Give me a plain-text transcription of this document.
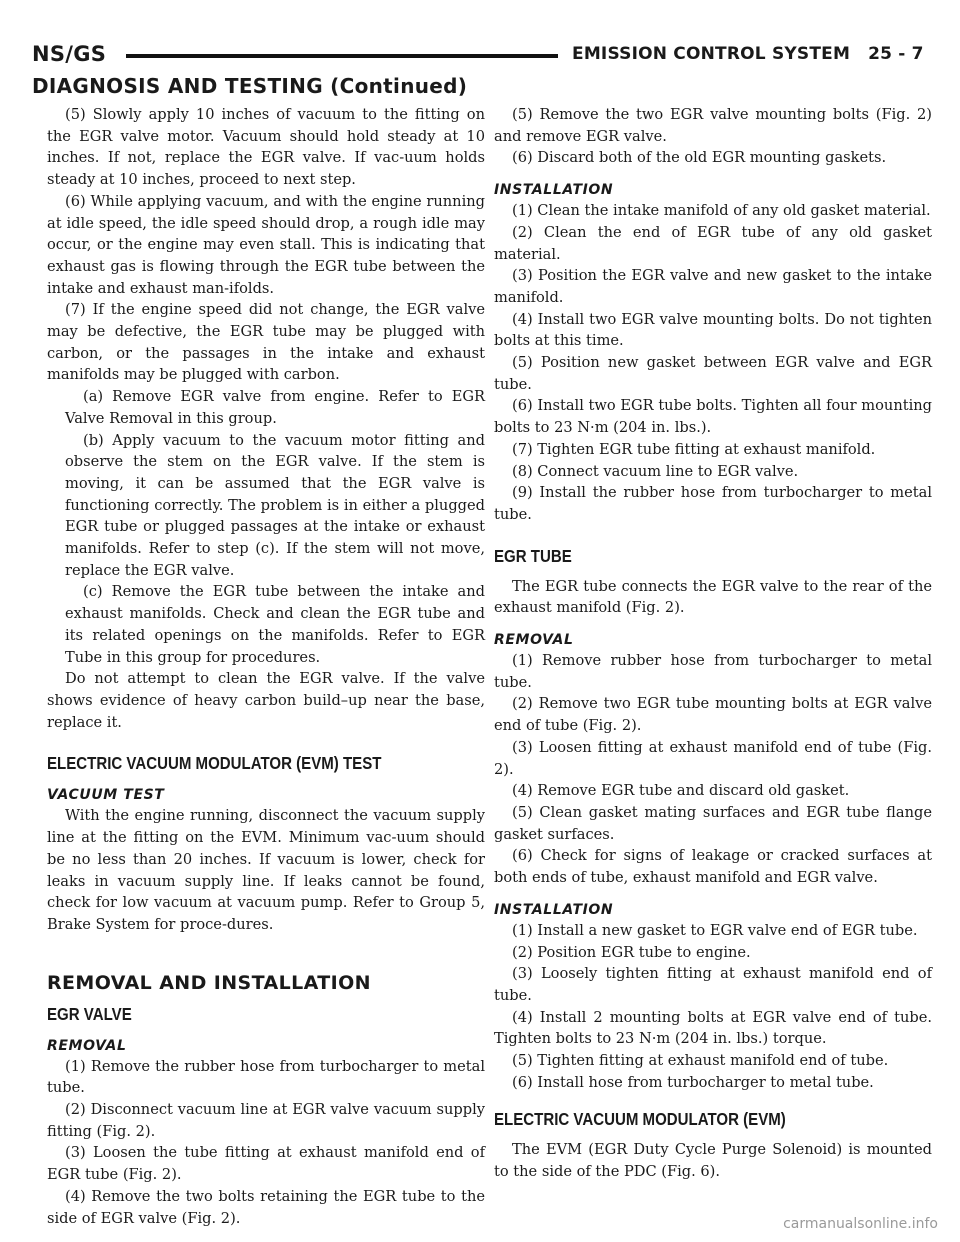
NS/GS	EMISSION CONTROL SYSTEM 25 - 7
DIAGNOSIS AND TESTING (Continued)

(5) Slowly apply 10 inches of vacuum to the fitting on the EGR valve motor. Vacuum should hold steady at 10 inches. If not, replace the EGR valve. If vac-uum holds steady at 10 inches, proceed to next step.

(6) While applying vacuum, and with the engine running at idle speed, the idle speed should drop, a rough idle may occur, or the engine may even stall. This is indicating that exhaust gas is flowing through the EGR tube between the intake and exhaust man-ifolds.

(7) If the engine speed did not change, the EGR valve may be defective, the EGR tube may be plugged with carbon, or the passages in the intake and exhaust manifolds may be plugged with carbon.

(a) Remove EGR valve from engine. Refer to EGR Valve Removal in this group.

(b) Apply vacuum to the vacuum motor fitting and observe the stem on the EGR valve. If the stem is moving, it can be assumed that the EGR valve is functioning correctly. The problem is in either a plugged EGR tube or plugged passages at the intake or exhaust manifolds. Refer to step (c). If the stem will not move, replace the EGR valve.

(c) Remove the EGR tube between the intake and exhaust manifolds. Check and clean the EGR tube and its related openings on the manifolds. Refer to EGR Tube in this group for procedures.

Do not attempt to clean the EGR valve. If the valve shows evidence of heavy carbon build–up near the base, replace it.

ELECTRIC VACUUM MODULATOR (EVM) TEST
VACUUM TEST

With the engine running, disconnect the vacuum supply line at the fitting on the EVM. Minimum vac-uum should be no less than 20 inches. If vacuum is lower, check for leaks in vacuum supply line. If leaks cannot be found, check for low vacuum at vacuum pump. Refer to Group 5, Brake System for proce-dures.

REMOVAL AND INSTALLATION
EGR VALVE
REMOVAL

(1) Remove the rubber hose from turbocharger to metal tube.

(2) Disconnect vacuum line at EGR valve vacuum supply fitting (Fig. 2).

(3) Loosen the tube fitting at exhaust manifold end of EGR tube (Fig. 2).

(4) Remove the two bolts retaining the EGR tube to the side of EGR valve (Fig. 2).

(5) Remove the two EGR valve mounting bolts (Fig. 2) and remove EGR valve.

(6) Discard both of the old EGR mounting gaskets.

INSTALLATION

(1) Clean the intake manifold of any old gasket material.

(2) Clean the end of EGR tube of any old gasket material.

(3) Position the EGR valve and new gasket to the intake manifold.

(4) Install two EGR valve mounting bolts. Do not tighten bolts at this time.

(5) Position new gasket between EGR valve and EGR tube.

(6) Install two EGR tube bolts. Tighten all four mounting bolts to 23 N·m (204 in. lbs.).

(7) Tighten EGR tube fitting at exhaust manifold.

(8) Connect vacuum line to EGR valve.

(9) Install the rubber hose from turbocharger to metal tube.

EGR TUBE

The EGR tube connects the EGR valve to the rear of the exhaust manifold (Fig. 2).

REMOVAL

(1) Remove rubber hose from turbocharger to metal tube.

(2) Remove two EGR tube mounting bolts at EGR valve end of tube (Fig. 2).

(3) Loosen fitting at exhaust manifold end of tube (Fig. 2).

(4) Remove EGR tube and discard old gasket.

(5) Clean gasket mating surfaces and EGR tube flange gasket surfaces.

(6) Check for signs of leakage or cracked surfaces at both ends of tube, exhaust manifold and EGR valve.

INSTALLATION

(1) Install a new gasket to EGR valve end of EGR tube.

(2) Position EGR tube to engine.

(3) Loosely tighten fitting at exhaust manifold end of tube.

(4) Install 2 mounting bolts at EGR valve end of tube. Tighten bolts to 23 N·m (204 in. lbs.) torque.

(5) Tighten fitting at exhaust manifold end of tube.

(6) Install hose from turbocharger to metal tube.

ELECTRIC VACUUM MODULATOR (EVM)

The EVM (EGR Duty Cycle Purge Solenoid) is mounted to the side of the PDC (Fig. 6).

carmanualsonline.info
